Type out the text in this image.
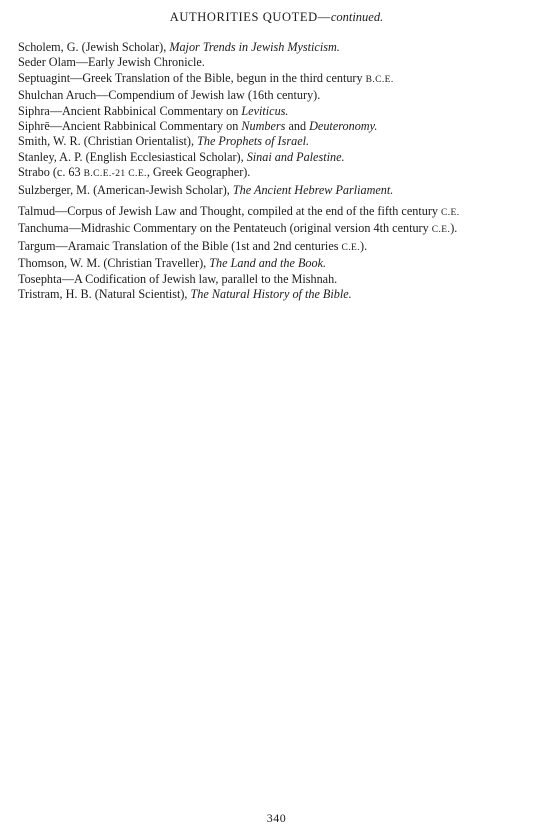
AUTHORITIES QUOTED—continued.
Scholem, G. (Jewish Scholar), Major Trends in Jewish Mysticism.
Seder Olam—Early Jewish Chronicle.
Septuagint—Greek Translation of the Bible, begun in the third century B.C.E.
Shulchan Aruch—Compendium of Jewish law (16th century).
Siphra—Ancient Rabbinical Commentary on Leviticus.
Siphrē—Ancient Rabbinical Commentary on Numbers and Deuteronomy.
Smith, W. R. (Christian Orientalist), The Prophets of Israel.
Stanley, A. P. (English Ecclesiastical Scholar), Sinai and Palestine.
Strabo (c. 63 B.C.E.-21 C.E., Greek Geographer).
Sulzberger, M. (American-Jewish Scholar), The Ancient Hebrew Parliament.
Talmud—Corpus of Jewish Law and Thought, compiled at the end of the fifth century C.E.
Tanchuma—Midrashic Commentary on the Pentateuch (original version 4th century C.E.).
Targum—Aramaic Translation of the Bible (1st and 2nd centuries C.E.).
Thomson, W. M. (Christian Traveller), The Land and the Book.
Tosephta—A Codification of Jewish law, parallel to the Mishnah.
Tristram, H. B. (Natural Scientist), The Natural History of the Bible.
340
